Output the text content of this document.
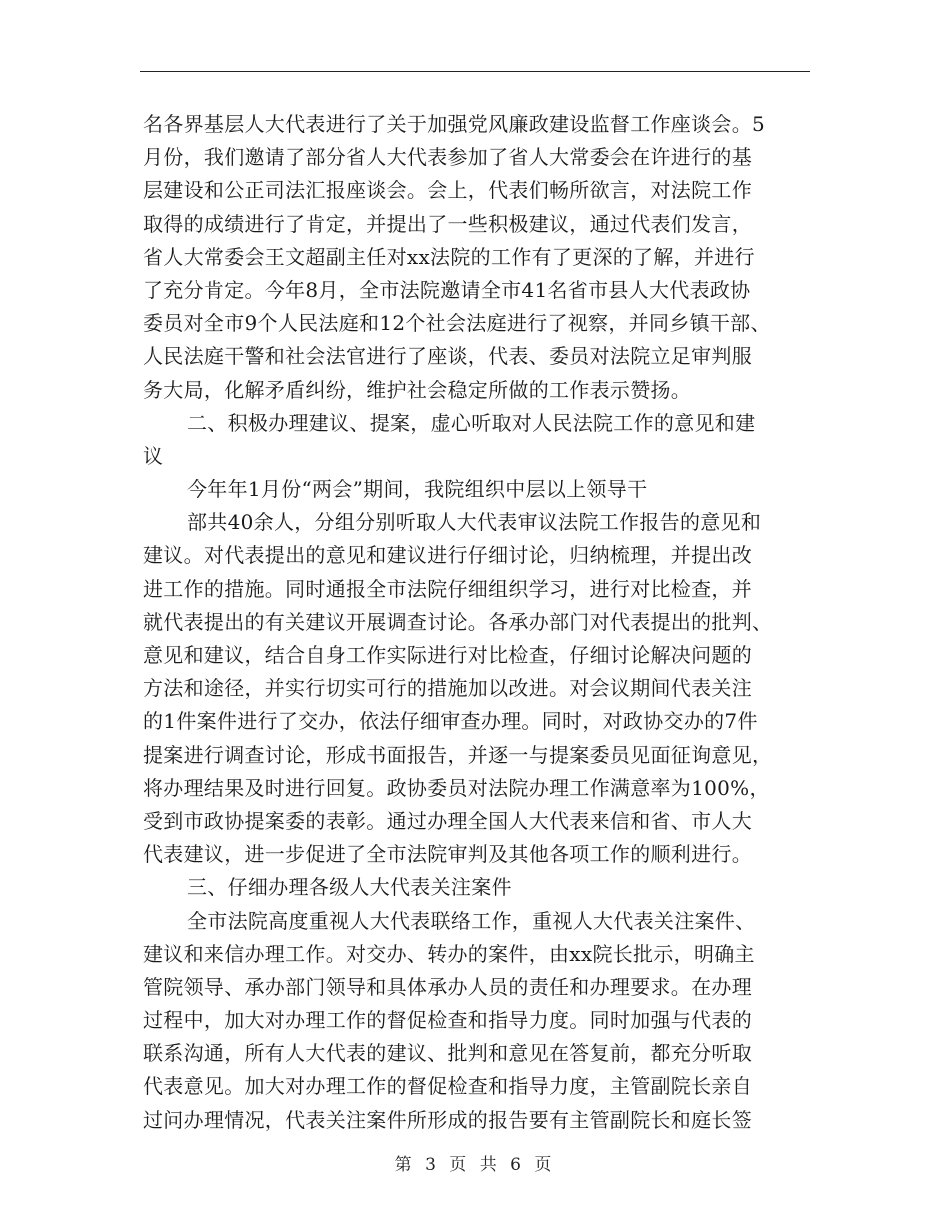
名各界基层人大代表进行了关于加强党风廉政建设监督工作座谈会。5
月份，我们邀请了部分省人大代表参加了省人大常委会在许进行的基
层建设和公正司法汇报座谈会。会上，代表们畅所欲言，对法院工作
取得的成绩进行了肯定，并提出了一些积极建议，通过代表们发言，
省人大常委会王文超副主任对xx法院的工作有了更深的了解，并进行
了充分肯定。今年8月，全市法院邀请全市41名省市县人大代表政协
委员对全市9个人民法庭和12个社会法庭进行了视察，并同乡镇干部、
人民法庭干警和社会法官进行了座谈，代表、委员对法院立足审判服
务大局，化解矛盾纠纷，维护社会稳定所做的工作表示赞扬。
二、积极办理建议、提案，虚心听取对人民法院工作的意见和建
议
今年年1月份“两会”期间，我院组织中层以上领导干
部共40余人，分组分别听取人大代表审议法院工作报告的意见和
建议。对代表提出的意见和建议进行仔细讨论，归纳梳理，并提出改
进工作的措施。同时通报全市法院仔细组织学习，进行对比检查，并
就代表提出的有关建议开展调查讨论。各承办部门对代表提出的批判、
意见和建议，结合自身工作实际进行对比检查，仔细讨论解决问题的
方法和途径，并实行切实可行的措施加以改进。对会议期间代表关注
的1件案件进行了交办，依法仔细审查办理。同时，对政协交办的7件
提案进行调查讨论，形成书面报告，并逐一与提案委员见面征询意见，
将办理结果及时进行回复。政协委员对法院办理工作满意率为100%，
受到市政协提案委的表彰。通过办理全国人大代表来信和省、市人大
代表建议，进一步促进了全市法院审判及其他各项工作的顺利进行。
三、仔细办理各级人大代表关注案件
全市法院高度重视人大代表联络工作，重视人大代表关注案件、
建议和来信办理工作。对交办、转办的案件，由xx院长批示，明确主
管院领导、承办部门领导和具体承办人员的责任和办理要求。在办理
过程中，加大对办理工作的督促检查和指导力度。同时加强与代表的
联系沟通，所有人大代表的建议、批判和意见在答复前，都充分听取
代表意见。加大对办理工作的督促检查和指导力度，主管副院长亲自
过问办理情况，代表关注案件所形成的报告要有主管副院长和庭长签
第 3 页 共 6 页
